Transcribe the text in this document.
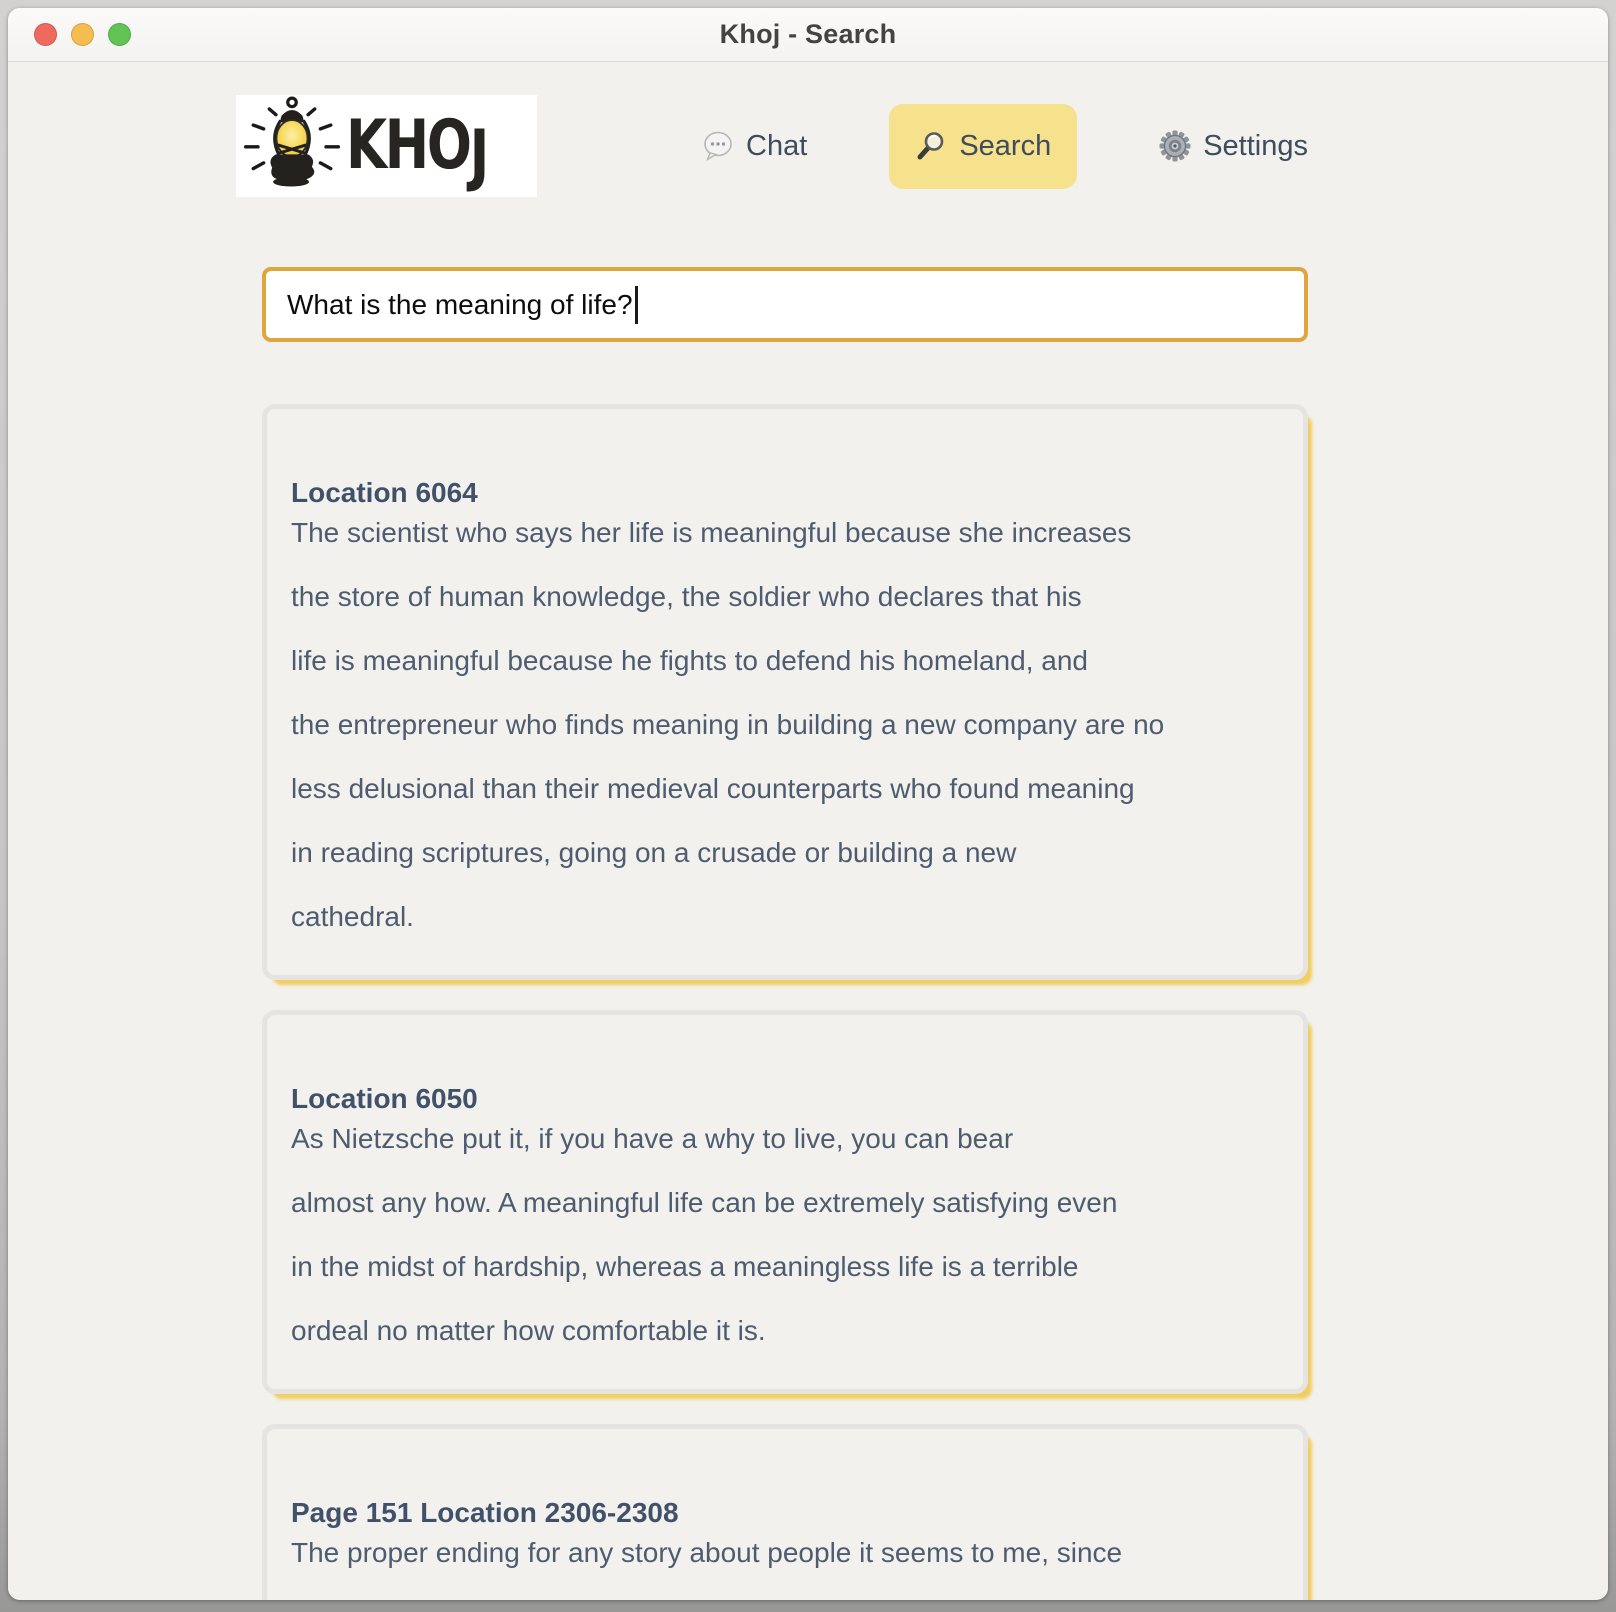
Khoj - Search
K H O J	Chat	Search	Settings
What is the meaning of life?
Location 6064

The scientist who says her life is meaningful because she increases

the store of human knowledge, the soldier who declares that his

life is meaningful because he fights to defend his homeland, and

the entrepreneur who finds meaning in building a new company are no

less delusional than their medieval counterparts who found meaning

in reading scriptures, going on a crusade or building a new

cathedral.

Location 6050

As Nietzsche put it, if you have a why to live, you can bear

almost any how. A meaningful life can be extremely satisfying even

in the midst of hardship, whereas a meaningless life is a terrible

ordeal no matter how comfortable it is.

Page 151 Location 2306-2308

The proper ending for any story about people it seems to me, since
